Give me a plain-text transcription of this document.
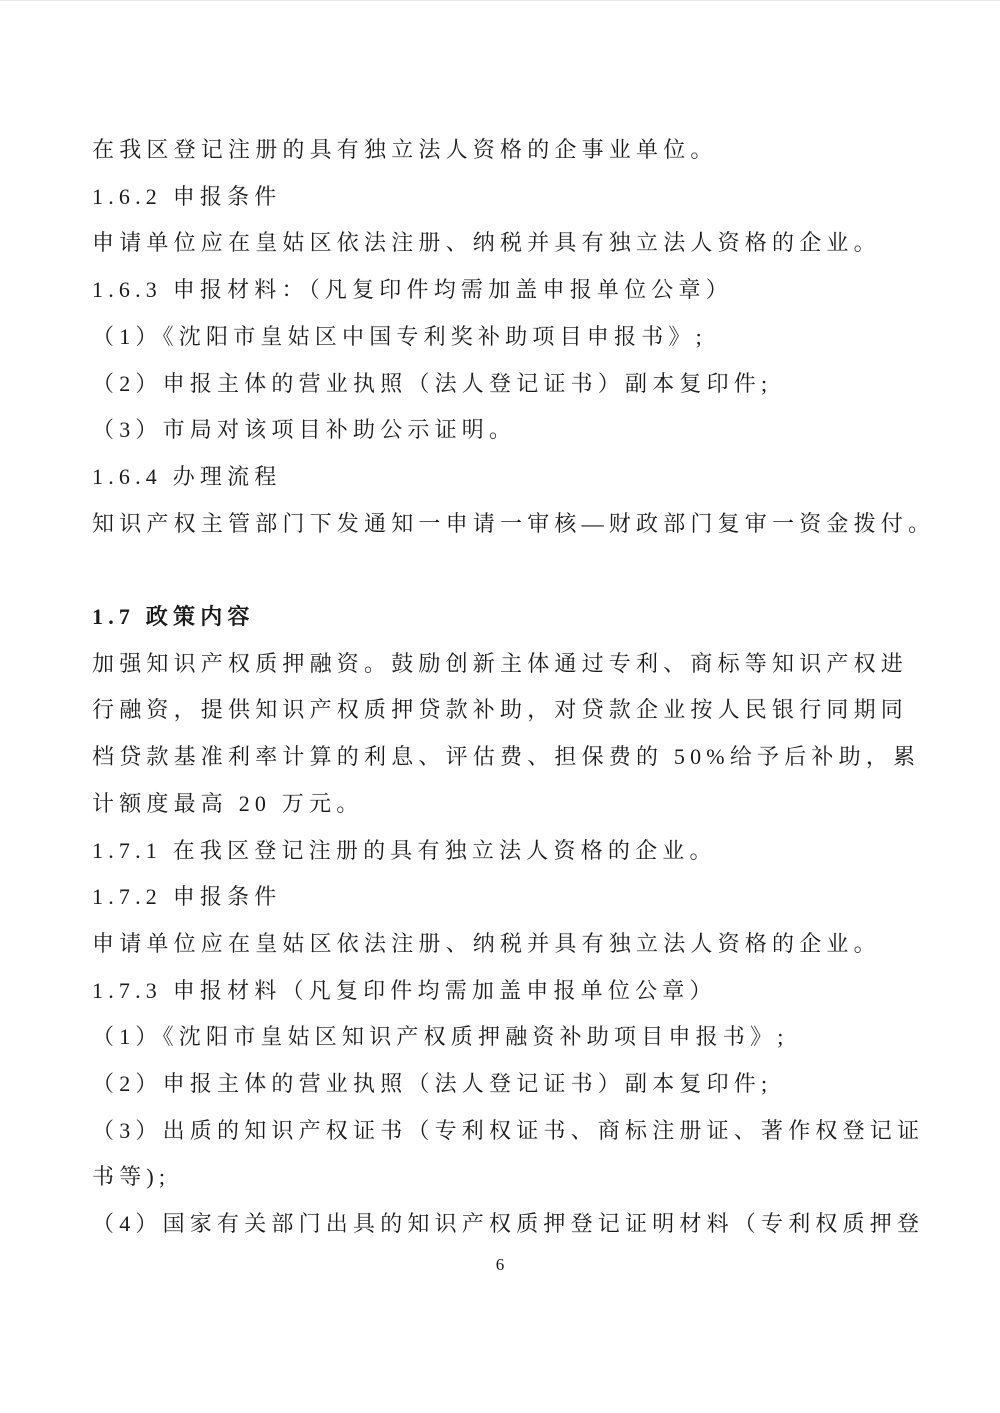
在我区登记注册的具有独立法人资格的企事业单位。
1.6.2 申报条件
申请单位应在皇姑区依法注册、纳税并具有独立法人资格的企业。
1.6.3 申报材料：（凡复印件均需加盖申报单位公章）
（1）《沈阳市皇姑区中国专利奖补助项目申报书》;
（2）申报主体的营业执照（法人登记证书）副本复印件;
（3）市局对该项目补助公示证明。
1.6.4 办理流程
知识产权主管部门下发通知一申请一审核—财政部门复审一资金拨付。
1.7 政策内容
加强知识产权质押融资。鼓励创新主体通过专利、商标等知识产权进
行融资，提供知识产权质押贷款补助，对贷款企业按人民银行同期同
档贷款基准利率计算的利息、评估费、担保费的 50%给予后补助，累
计额度最高 20 万元。
1.7.1 在我区登记注册的具有独立法人资格的企业。
1.7.2 申报条件
申请单位应在皇姑区依法注册、纳税并具有独立法人资格的企业。
1.7.3 申报材料（凡复印件均需加盖申报单位公章）
（1）《沈阳市皇姑区知识产权质押融资补助项目申报书》;
（2）申报主体的营业执照（法人登记证书）副本复印件;
（3）出质的知识产权证书（专利权证书、商标注册证、著作权登记证
书等);
（4）国家有关部门出具的知识产权质押登记证明材料（专利权质押登
6
